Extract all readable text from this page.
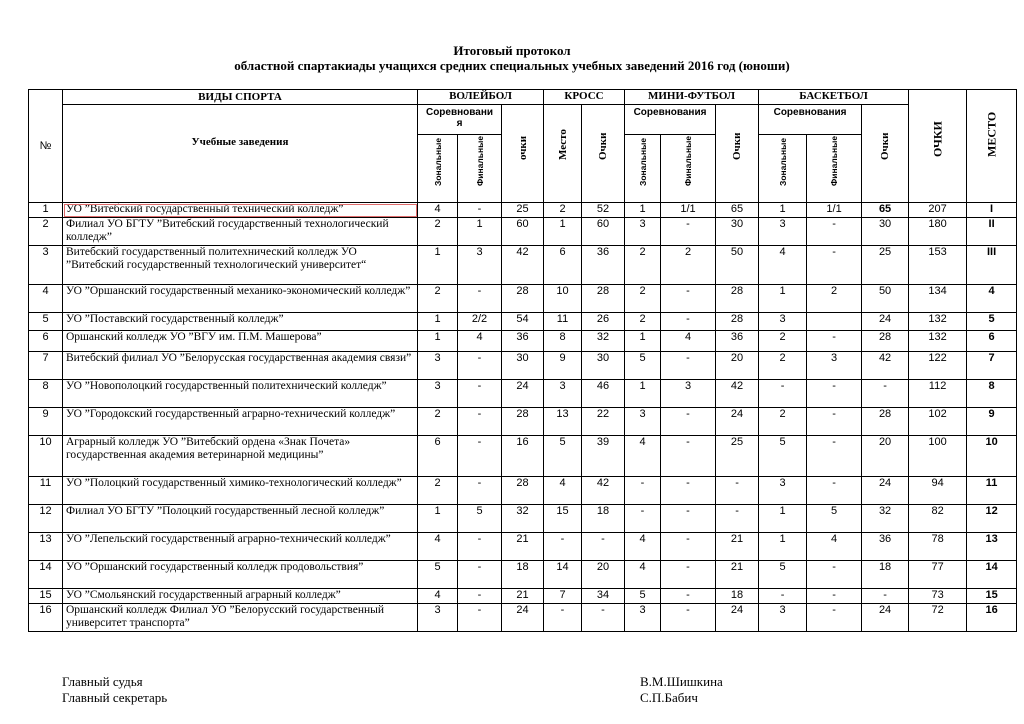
Итоговый протокол
областной спартакиады учащихся средних специальных учебных заведений 2016 год (юноши)
№	ВИДЫ СПОРТА	ВОЛЕЙБОЛ			КРОСС		МИНИ-ФУТБОЛ			БАСКЕТБОЛ			ОЧКИ	МЕСТО

	Учебные заведения	Соревнования		очки	Место	Очки	Соревнования		Очки	Соревнования		Очки		

		Зональные	Финальные				Зональные	Финальные		Зональные	Финальные			

1	УО ”Витебский государственный технический колледж”	4	-	25	2	52	1	1/1	65	1	1/1	65	207	I
2	Филиал УО БГТУ ”Витебский государственный технологический колледж”	2	1	60	1	60	3	-	30	3	-	30	180	II
3	Витебский государственный политехнический колледж УО ”Витебский государственный технологический университет“	1	3	42	6	36	2	2	50	4	-	25	153	III
4	УО ”Оршанский государственный механико-экономический колледж”	2	-	28	10	28	2	-	28	1	2	50	134	4
5	УО ”Поставский государственный колледж”	1	2/2	54	11	26	2	-	28	3		24	132	5
6	Оршанский колледж УО ”ВГУ им. П.М. Машерова”	1	4	36	8	32	1	4	36	2	-	28	132	6
7	Витебский филиал УО ”Белорусская государственная академия связи”	3	-	30	9	30	5	-	20	2	3	42	122	7
8	УО ”Новополоцкий государственный политехнический колледж”	3	-	24	3	46	1	3	42	-	-	-	112	8
9	УО ”Городокский государственный аграрно-технический колледж”	2	-	28	13	22	3	-	24	2	-	28	102	9
10	Аграрный колледж УО ”Витебский ордена «Знак Почета» государственная академия ветеринарной медицины”	6	-	16	5	39	4	-	25	5	-	20	100	10
11	УО ”Полоцкий государственный химико-технологический колледж”	2	-	28	4	42	-	-	-	3	-	24	94	11
12	Филиал УО БГТУ ”Полоцкий государственный лесной колледж”	1	5	32	15	18	-	-	-	1	5	32	82	12
13	УО ”Лепельский государственный аграрно-технический колледж”	4	-	21	-	-	4	-	21	1	4	36	78	13
14	УО ”Оршанский государственный колледж продовольствия”	5	-	18	14	20	4	-	21	5	-	18	77	14
15	УО ”Смольянский государственный аграрный колледж”	4	-	21	7	34	5	-	18	-	-	-	73	15
16	Оршанский колледж Филиал УО ”Белорусский государственный университет транспорта”	3	-	24	-	-	3	-	24	3	-	24	72	16
Главный судья	В.М.Шишкина
Главный секретарь	С.П.Бабич
